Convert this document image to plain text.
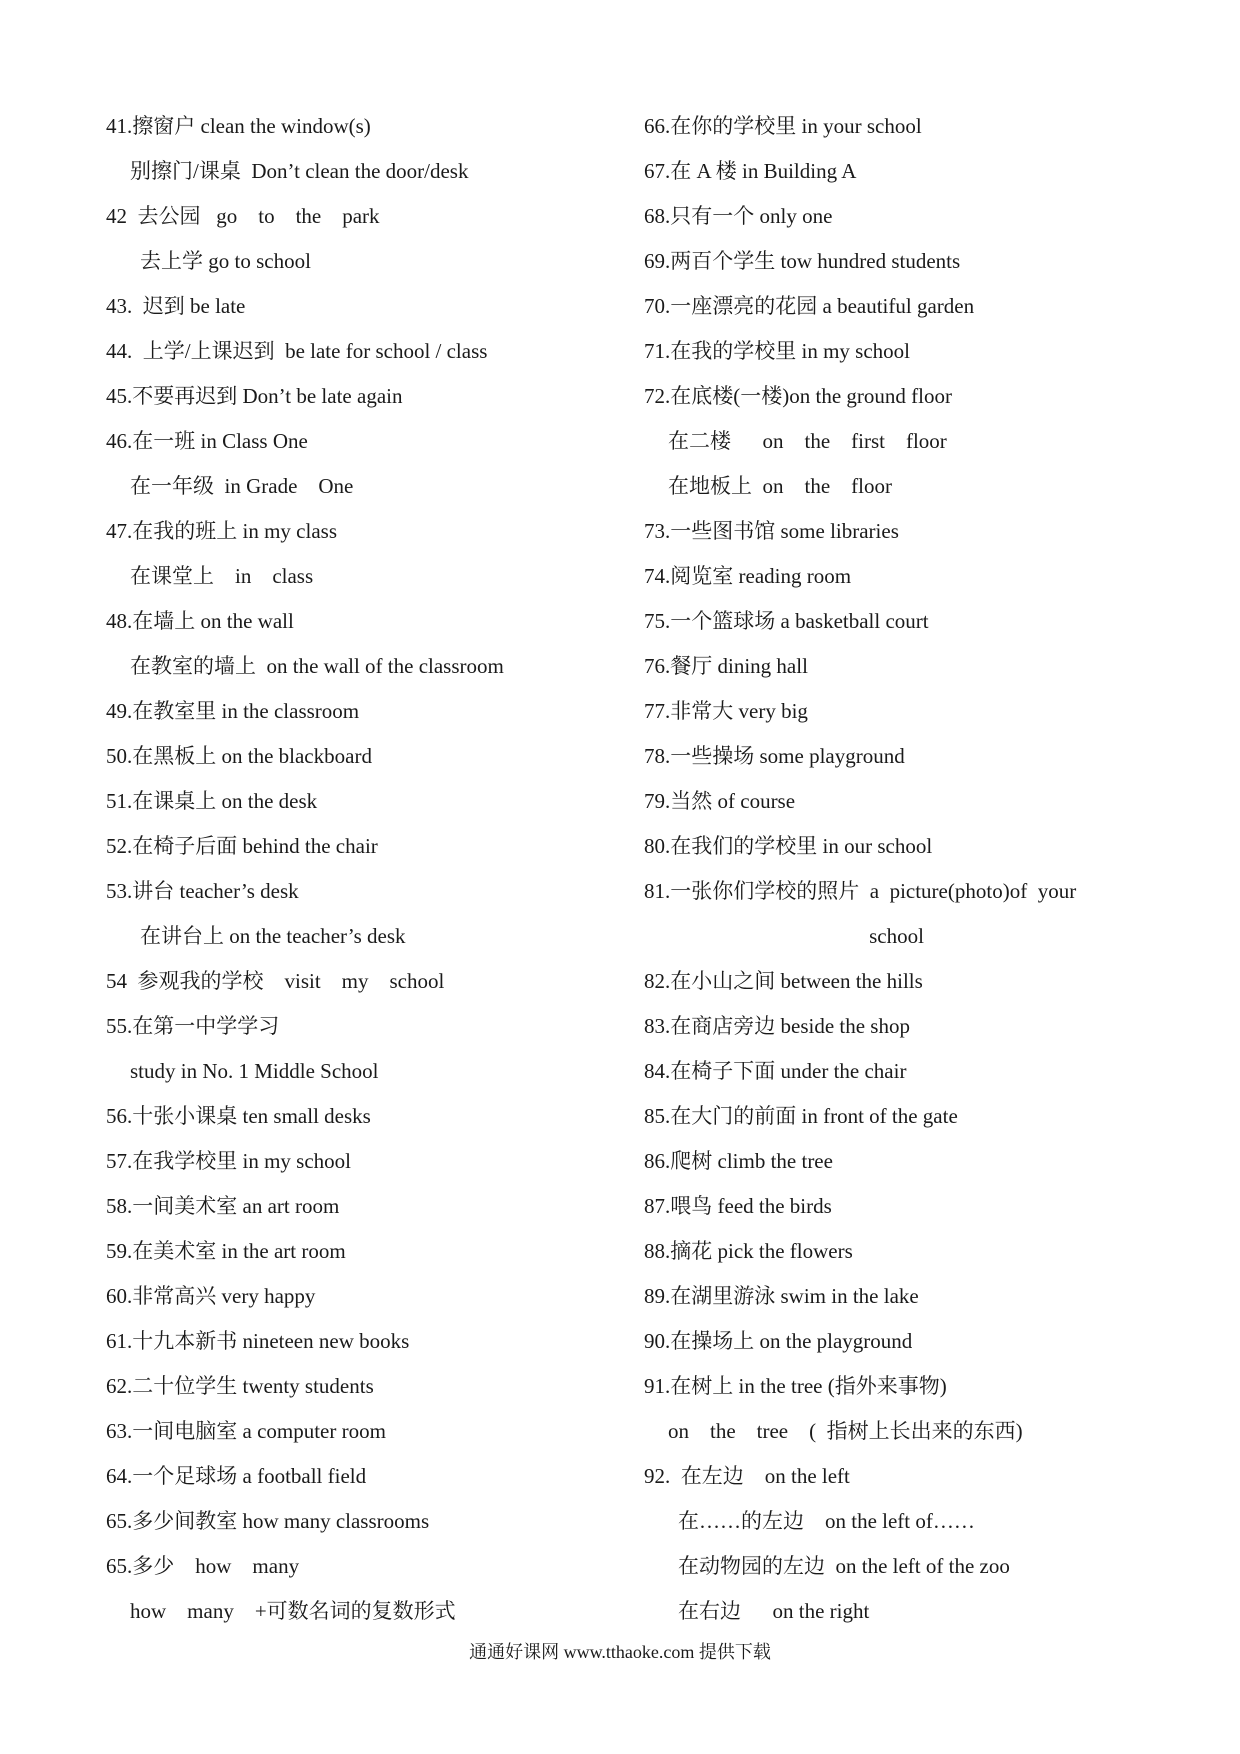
41.擦窗户 clean the window(s)
别擦门/课桌  Don’t clean the door/desk
42  去公园   go    to    the    park
去上学 go to school
43.  迟到 be late
44.  上学/上课迟到  be late for school / class
45.不要再迟到 Don’t be late again
46.在一班 in Class One
在一年级  in Grade    One
47.在我的班上 in my class
在课堂上    in    class
48.在墙上 on the wall
在教室的墙上  on the wall of the classroom
49.在教室里 in the classroom
50.在黑板上 on the blackboard
51.在课桌上 on the desk
52.在椅子后面 behind the chair
53.讲台 teacher’s desk
在讲台上 on the teacher’s desk
54  参观我的学校    visit    my    school
55.在第一中学学习
study in No. 1 Middle School
56.十张小课桌 ten small desks
57.在我学校里 in my school
58.一间美术室 an art room
59.在美术室 in the art room
60.非常高兴 very happy
61.十九本新书 nineteen new books
62.二十位学生 twenty students
63.一间电脑室 a computer room
64.一个足球场 a football field
65.多少间教室 how many classrooms
65.多少    how    many
how    many    +可数名词的复数形式
66.在你的学校里 in your school
67.在 A 楼 in Building A
68.只有一个 only one
69.两百个学生 tow hundred students
70.一座漂亮的花园 a beautiful garden
71.在我的学校里 in my school
72.在底楼(一楼)on the ground floor
在二楼      on    the    first    floor
在地板上  on    the    floor
73.一些图书馆 some libraries
74.阅览室 reading room
75.一个篮球场 a basketball court
76.餐厅 dining hall
77.非常大 very big
78.一些操场 some playground
79.当然 of course
80.在我们的学校里 in our school
81.一张你们学校的照片  a  picture(photo)of  your
school
82.在小山之间 between the hills
83.在商店旁边 beside the shop
84.在椅子下面 under the chair
85.在大门的前面 in front of the gate
86.爬树 climb the tree
87.喂鸟 feed the birds
88.摘花 pick the flowers
89.在湖里游泳 swim in the lake
90.在操场上 on the playground
91.在树上 in the tree (指外来事物)
on    the    tree    (  指树上长出来的东西)
92.  在左边    on the left
在……的左边    on the left of……
在动物园的左边  on the left of the zoo
在右边      on the right
通通好课网 www.tthaoke.com 提供下载
